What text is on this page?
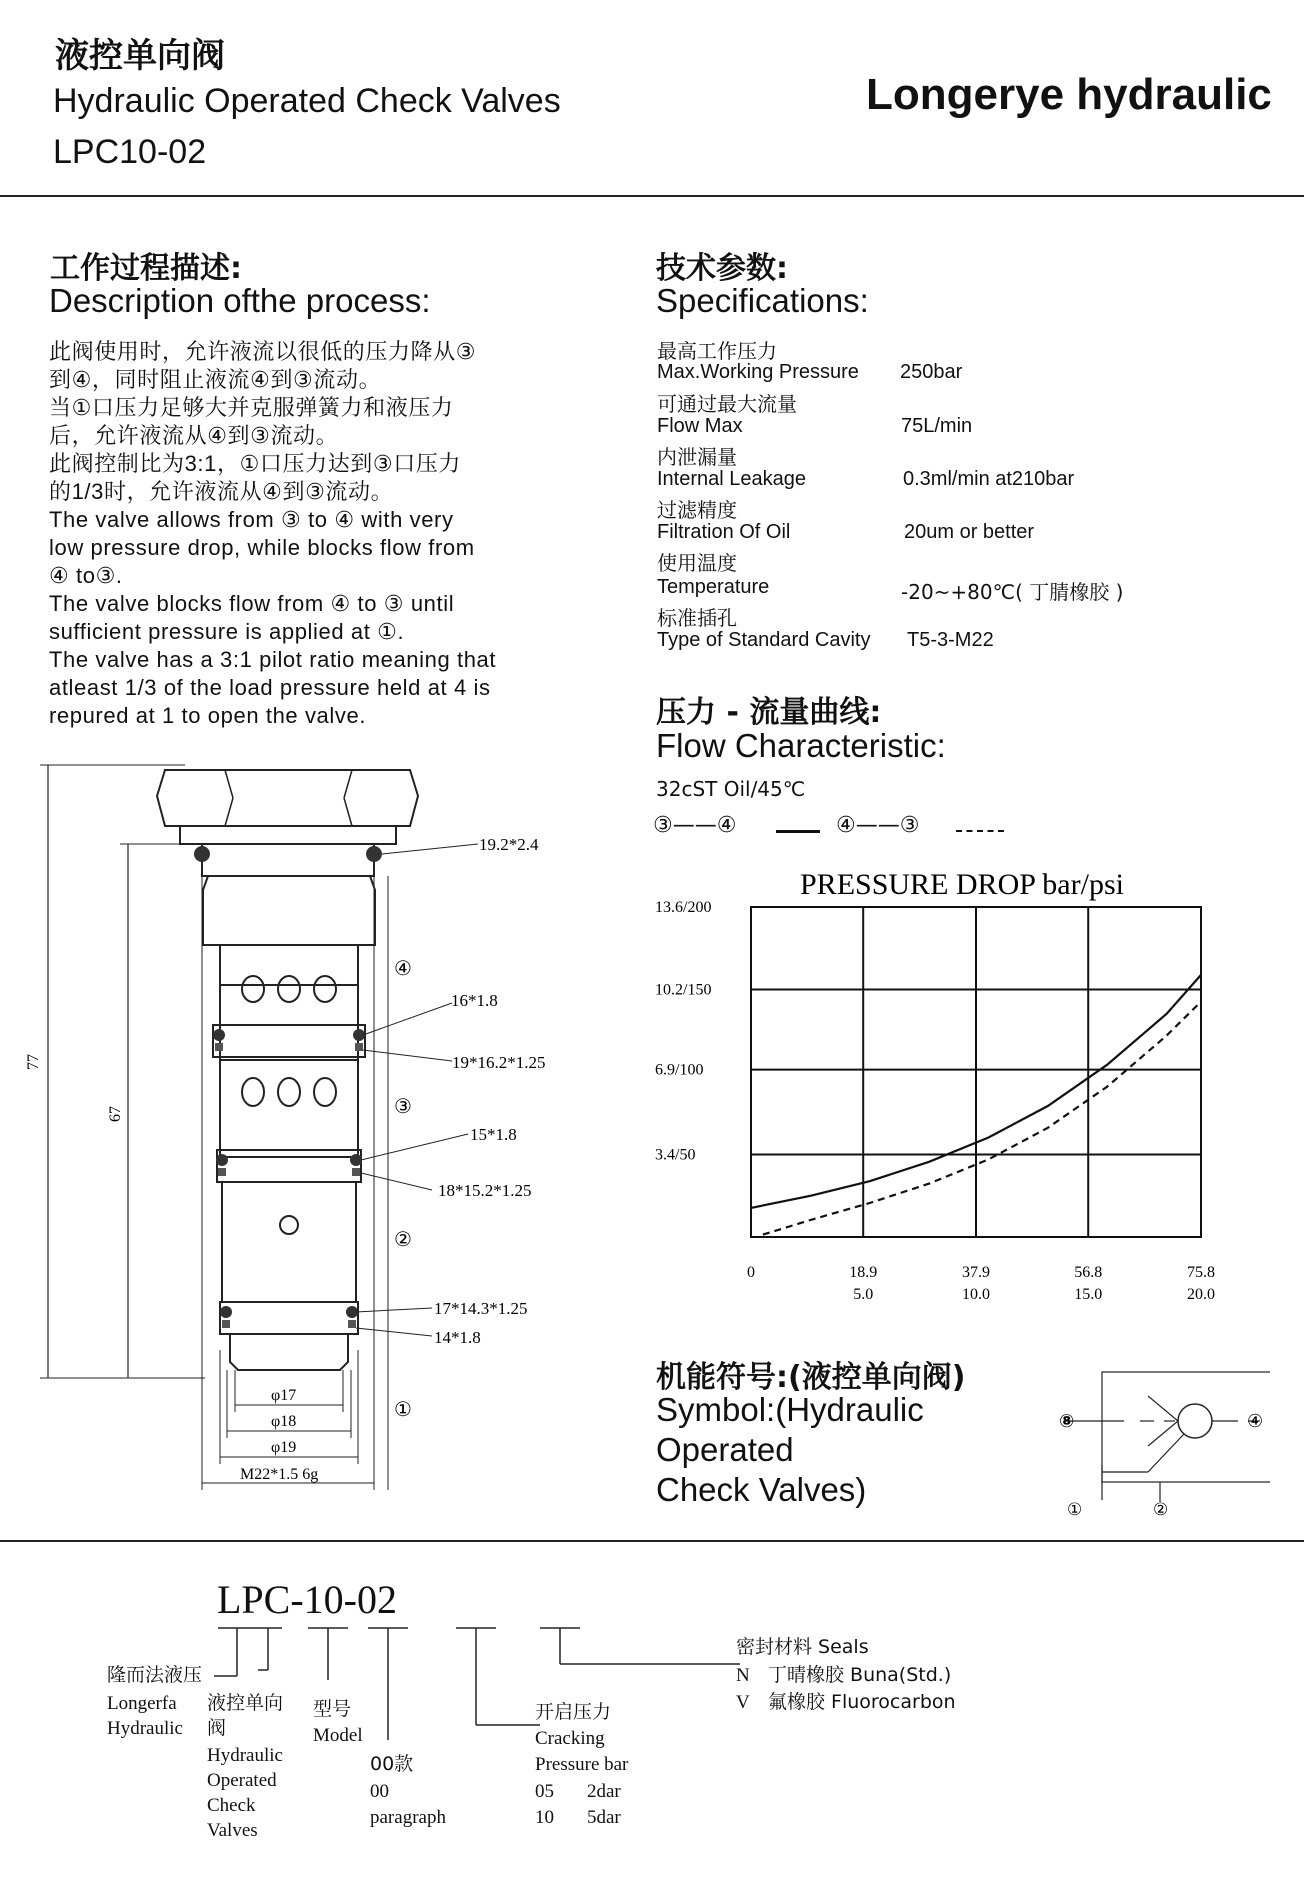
液控单向阀
Hydraulic Operated Check Valves
LPC10-02
Longerye hydraulic
工作过程描述:
Description ofthe process:
此阀使用时，允许液流以很低的压力降从③
到④，同时阻止液流④到③流动。
当①口压力足够大并克服弹簧力和液压力
后，允许液流从④到③流动。
此阀控制比为3:1，①口压力达到③口压力
的1/3时，允许液流从④到③流动。
The valve allows from ③ to ④ with very
low pressure drop, while blocks flow from
④ to③.
The valve blocks flow from ④ to ③ until
sufficient pressure is applied at ①.
The valve has a 3:1 pilot ratio meaning that
atleast 1/3 of the load pressure held at 4 is
repured at 1 to open the valve.
技术参数:
Specifications:
最高工作压力
Max.Working Pressure 250bar
可通过最大流量
Flow Max	75L/min
内泄漏量
Internal Leakage	0.3ml/min at210bar
过滤精度
Filtration Of Oil	20um or better
使用温度
Temperature	-20~+80℃( 丁腈橡胶 )
标准插孔
Type of Standard Cavity T5-3-M22
压力 - 流量曲线:
Flow Characteristic:
32cST Oil/45℃
③——④	④——③
PRESSURE DROP bar/psi
0	18.9
5.0
37.9
10.0
56.8
15.0
75.8
20.0
3.4/50
6.9/100
10.2/150
13.6/200
77
67
φ17
φ18
φ19
M22*1.5 6g
19.2*2.4
④
16*1.8
19*16.2*1.25
③
15*1.8
18*15.2*1.25
②
17*14.3*1.25
14*1.8
①
机能符号:(液控单向阀)
Symbol:(Hydraulic
Operated
Check Valves)
⑧	④
①	②
LPC-10-02
隆而法液压
Longerfa
Hydraulic
液控单向
阀
Hydraulic
Operated
Check
Valves
型号
Model
00款
00
paragraph
开启压力
Cracking
Pressure bar
05 2dar
10 5dar
密封材料 Seals
N 丁晴橡胶 Buna(Std.)
V 氟橡胶 Fluorocarbon
